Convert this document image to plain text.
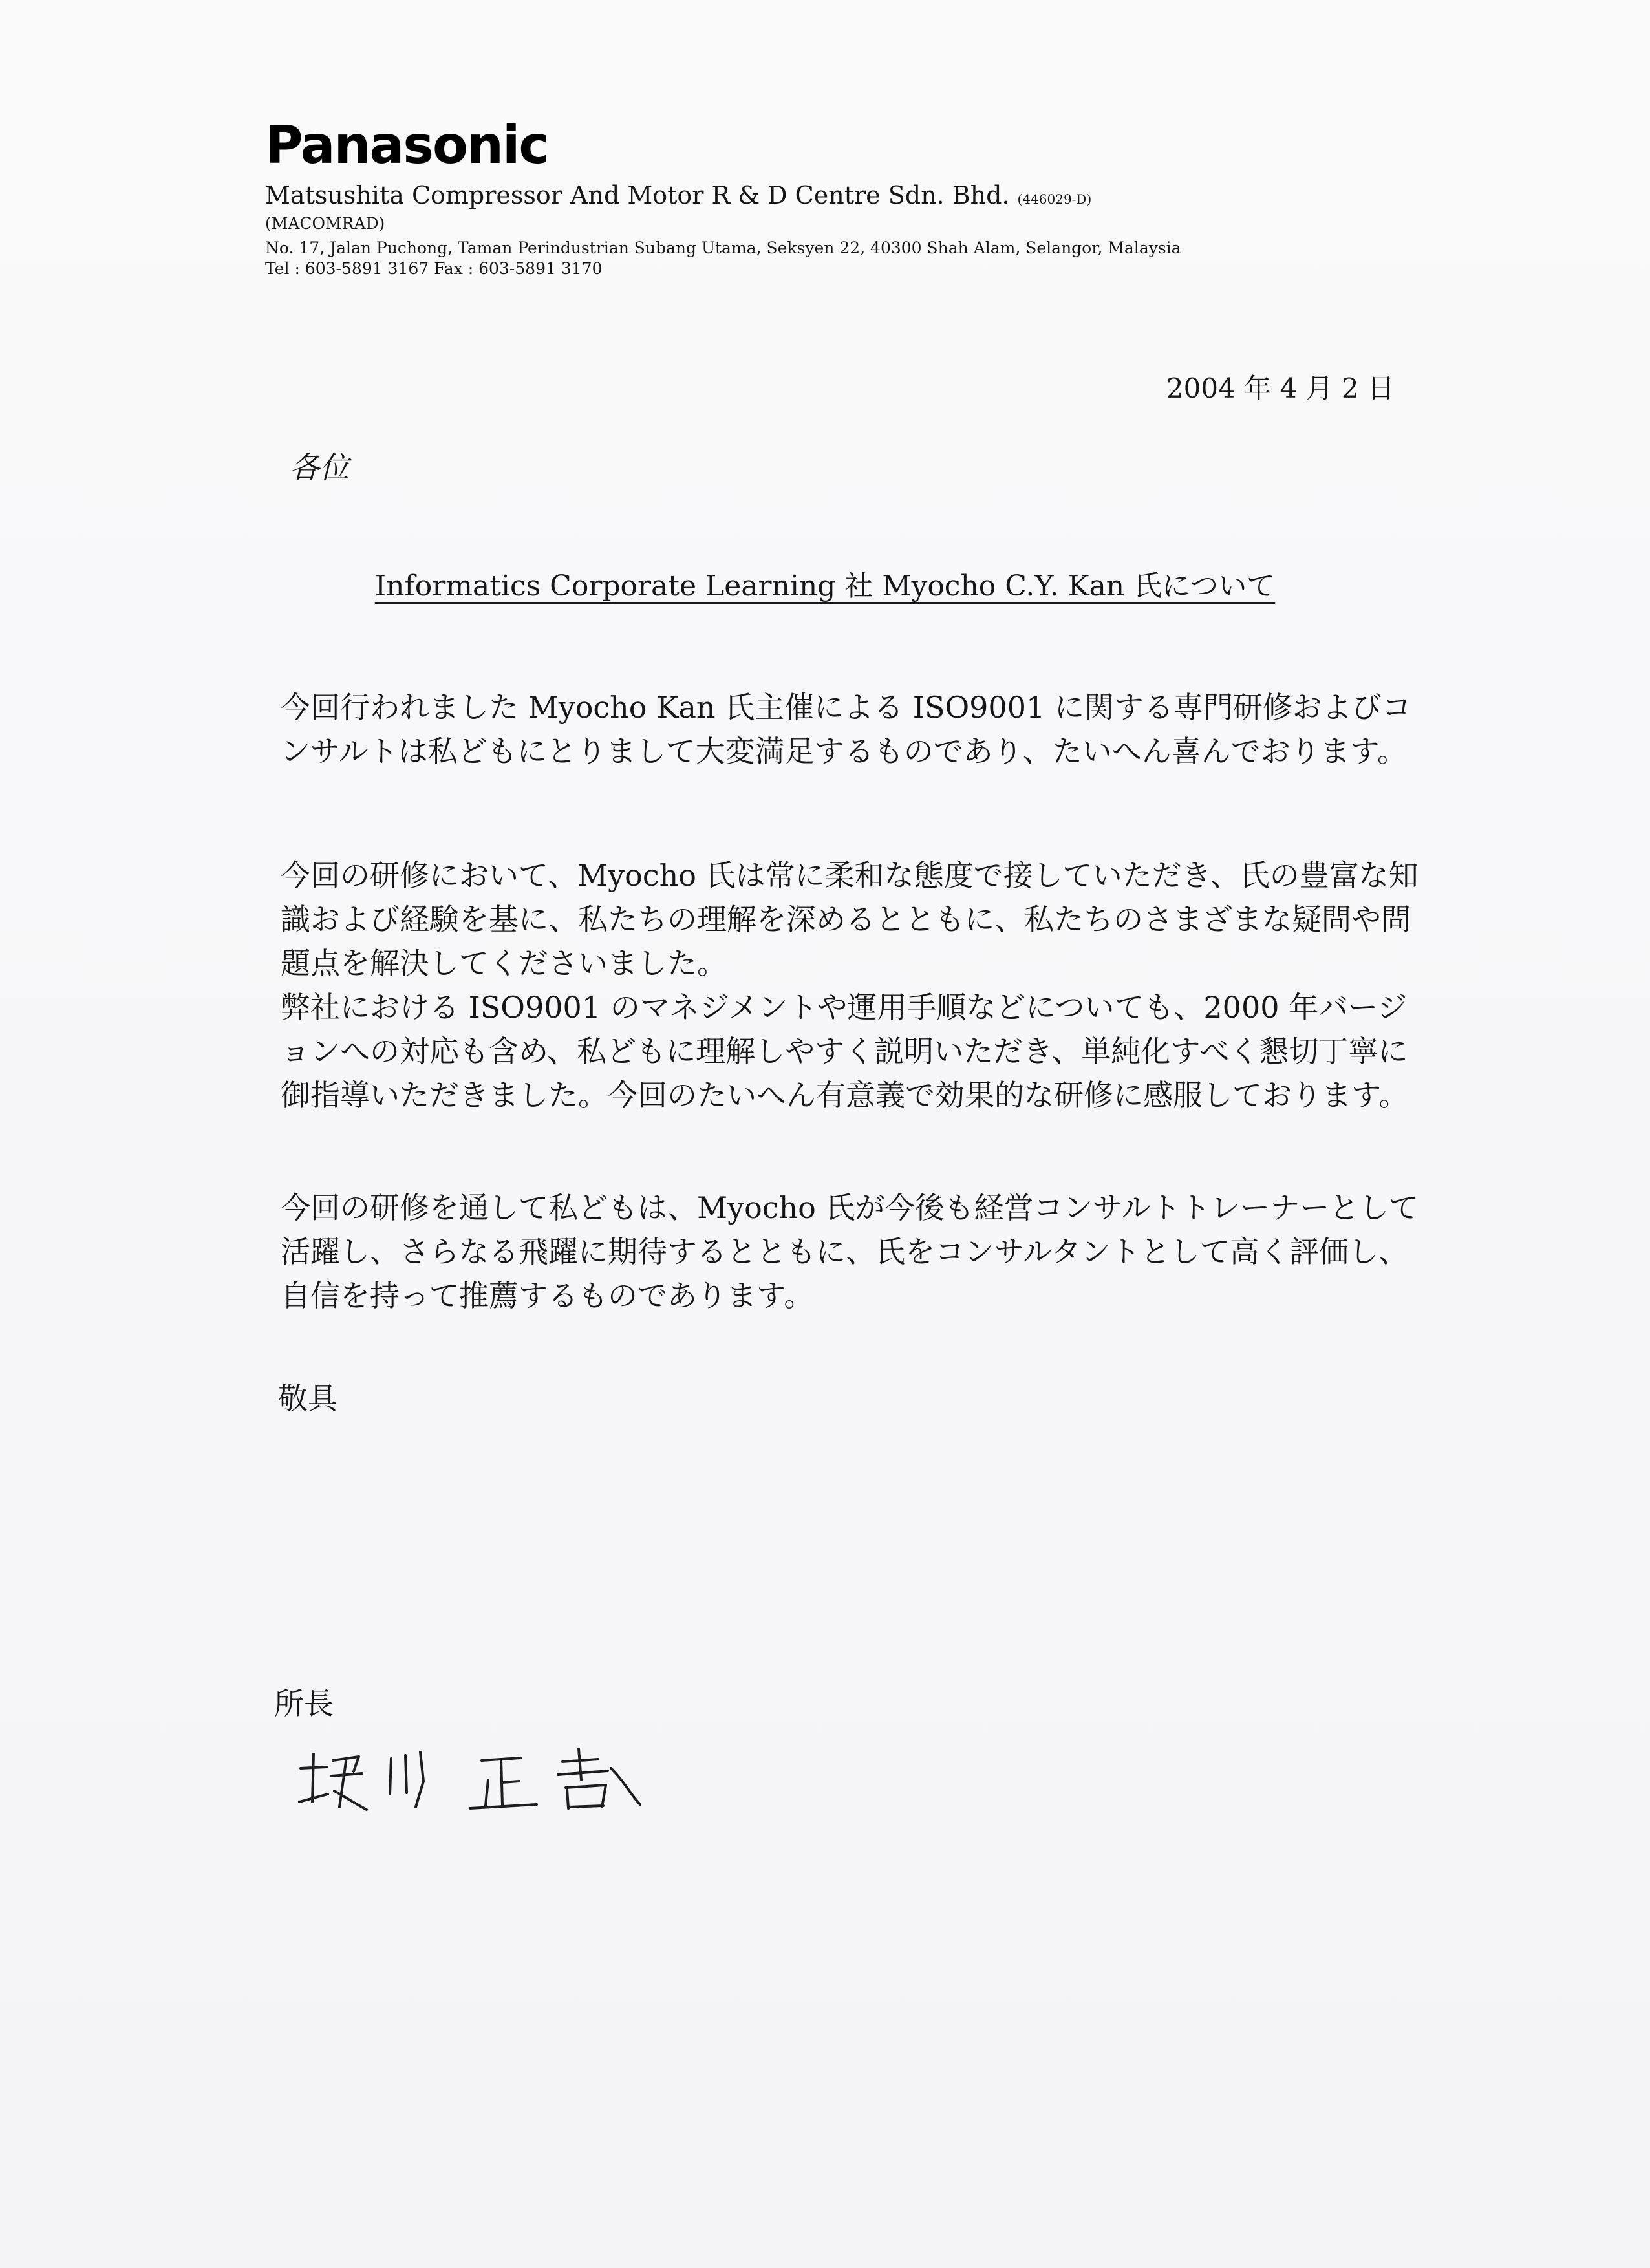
Panasonic

Matsushita Compressor And Motor R & D Centre Sdn. Bhd. (446029-D)

(MACOMRAD)

No. 17, Jalan Puchong, Taman Perindustrian Subang Utama, Seksyen 22, 40300 Shah Alam, Selangor, Malaysia

Tel : 603-5891 3167 Fax : 603-5891 3170

2004 年 4 月 2 日

各位

Informatics Corporate Learning 社 Myocho C.Y. Kan 氏について

今回行われました Myocho Kan 氏主催による ISO9001 に関する専門研修およびコンサルトは私どもにとりまして大変満足するものであり、たいへん喜んでおります。

今回の研修において、Myocho 氏は常に柔和な態度で接していただき、氏の豊富な知識および経験を基に、私たちの理解を深めるとともに、私たちのさまざまな疑問や問題点を解決してくださいました。
弊社における ISO9001 のマネジメントや運用手順などについても、2000 年バージョンへの対応も含め、私どもに理解しやすく説明いただき、単純化すべく懇切丁寧に御指導いただきました。今回のたいへん有意義で効果的な研修に感服しております。

今回の研修を通して私どもは、Myocho 氏が今後も経営コンサルトトレーナーとして活躍し、さらなる飛躍に期待するとともに、氏をコンサルタントとして高く評価し、自信を持って推薦するものであります。

敬具

所長
